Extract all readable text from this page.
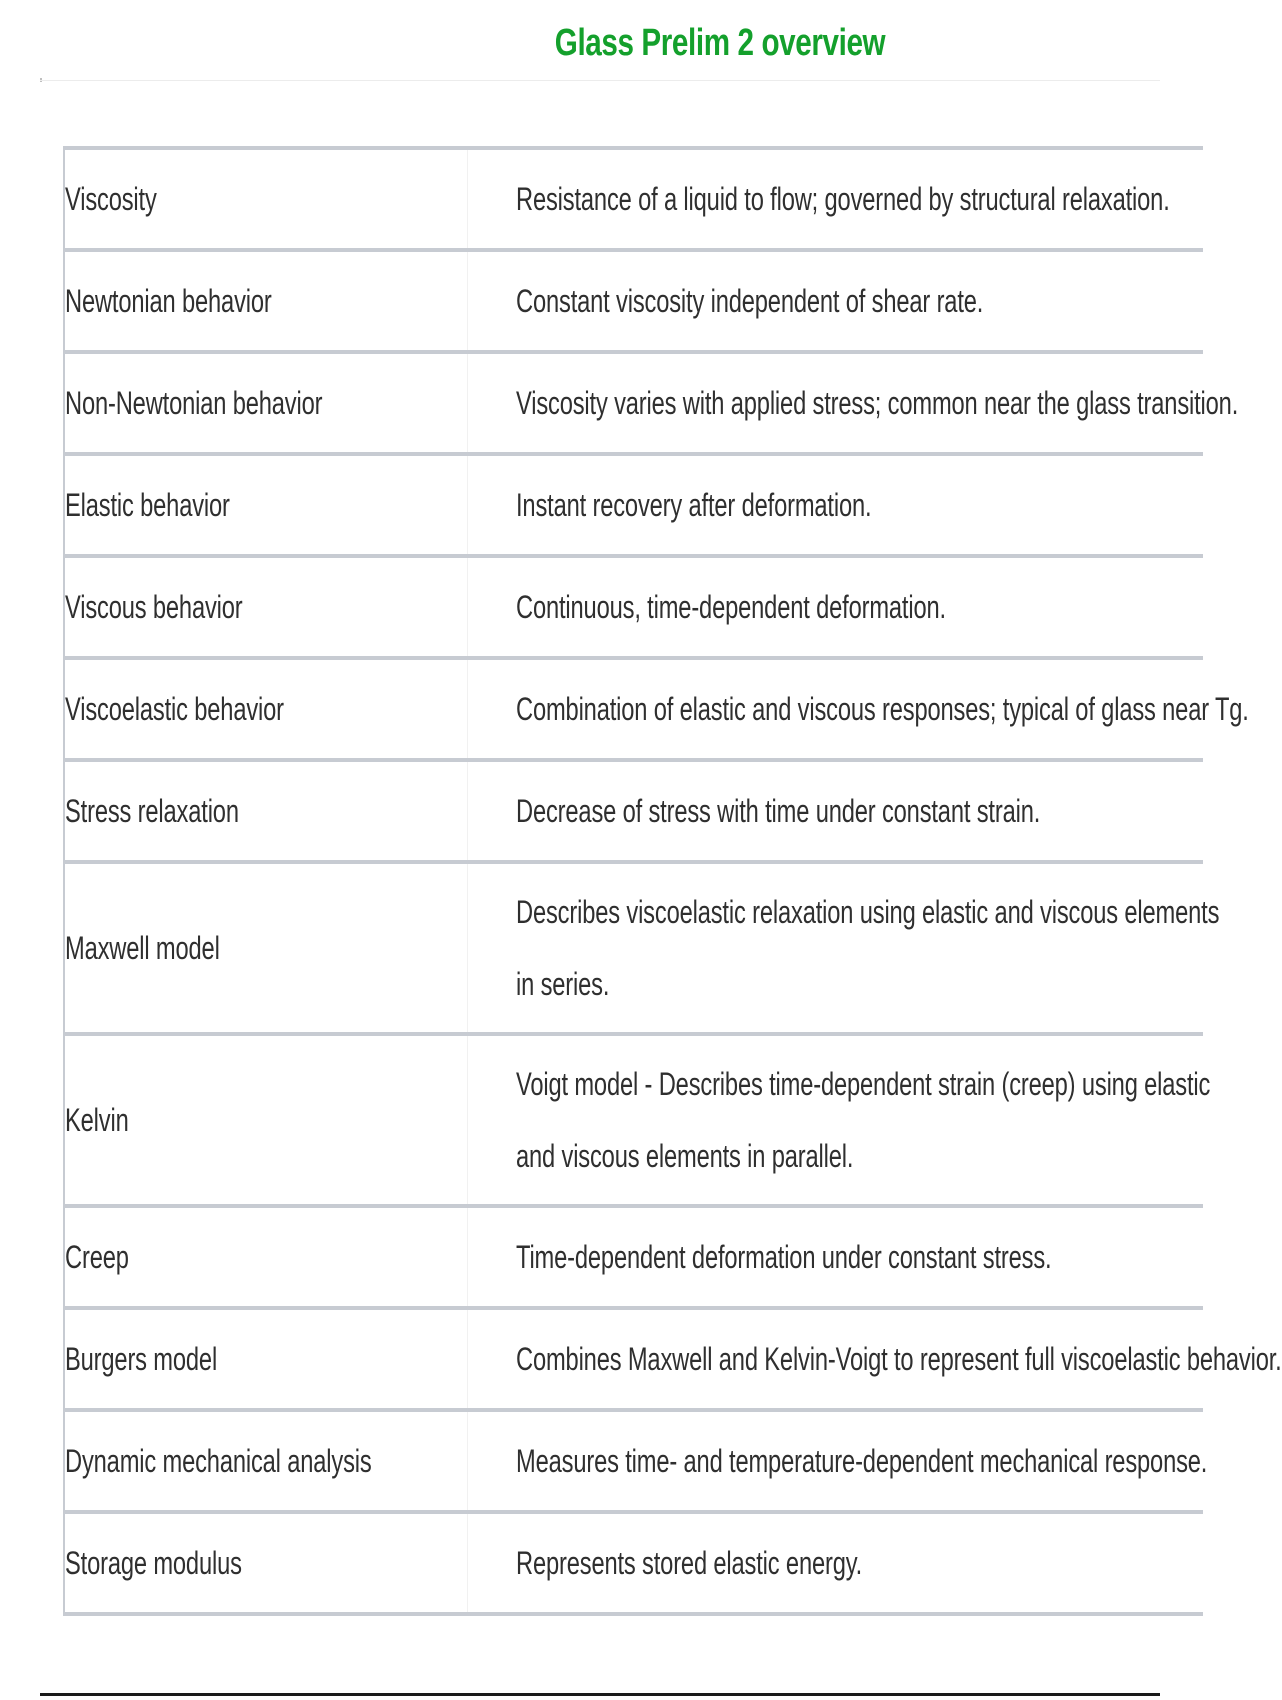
Glass Prelim 2 overview
Viscosity	Resistance of a liquid to flow; governed by structural relaxation.

Newtonian behavior	Constant viscosity independent of shear rate.

Non-Newtonian behavior	Viscosity varies with applied stress; common near the glass transition.

Elastic behavior	Instant recovery after deformation.

Viscous behavior	Continuous, time-dependent deformation.

Viscoelastic behavior	Combination of elastic and viscous responses; typical of glass near Tg.

Stress relaxation	Decrease of stress with time under constant strain.

Maxwell model	Describes viscoelastic relaxation using elastic and viscous elements in series.

Kelvin	Voigt model - Describes time-dependent strain (creep) using elastic and viscous elements in parallel.

Creep	Time-dependent deformation under constant stress.

Burgers model	Combines Maxwell and Kelvin-Voigt to represent full viscoelastic behavior.

Dynamic mechanical analysis	Measures time- and temperature-dependent mechanical response.

Storage modulus	Represents stored elastic energy.
